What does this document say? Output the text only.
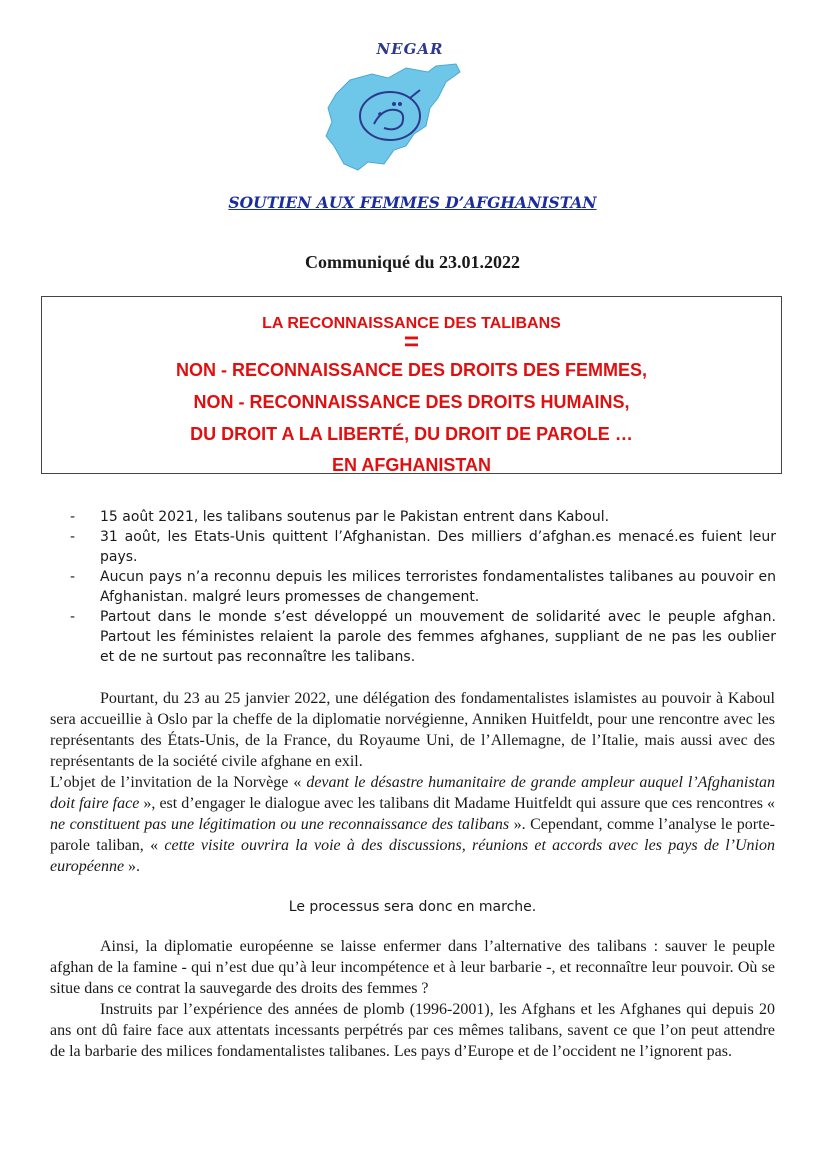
NEGAR
SOUTIEN AUX FEMMES D’AFGHANISTAN
Communiqué du 23.01.2022
LA RECONNAISSANCE DES TALIBANS
=
NON - RECONNAISSANCE DES DROITS DES FEMMES,
NON - RECONNAISSANCE DES DROITS HUMAINS,
DU DROIT A LA LIBERTÉ, DU DROIT DE PAROLE …
EN AFGHANISTAN
- 15 août 2021, les talibans soutenus par le Pakistan entrent dans Kaboul.
- 31 août, les Etats-Unis quittent l’Afghanistan. Des milliers d’afghan.es menacé.es fuient leur pays.
- Aucun pays n’a reconnu depuis les milices terroristes fondamentalistes talibanes au pouvoir en Afghanistan. malgré leurs promesses de changement.
- Partout dans le monde s’est développé un mouvement de solidarité avec le peuple afghan. Partout les féministes relaient la parole des femmes afghanes, suppliant de ne pas les oublier et de ne surtout pas reconnaître les talibans.
Pourtant, du 23 au 25 janvier 2022, une délégation des fondamentalistes islamistes au pouvoir à Kaboul sera accueillie à Oslo par la cheffe de la diplomatie norvégienne, Anniken Huitfeldt, pour une rencontre avec les représentants des États-Unis, de la France, du Royaume Uni, de l’Allemagne, de l’Italie, mais aussi avec des représentants de la société civile afghane en exil.
L’objet de l’invitation de la Norvège « devant le désastre humanitaire de grande ampleur auquel l’Afghanistan doit faire face », est d’engager le dialogue avec les talibans dit Madame Huitfeldt qui assure que ces rencontres « ne constituent pas une légitimation ou une reconnaissance des talibans ». Cependant, comme l’analyse le porte-parole taliban, « cette visite ouvrira la voie à des discussions, réunions et accords avec les pays de l’Union européenne ».
Le processus sera donc en marche.
Ainsi, la diplomatie européenne se laisse enfermer dans l’alternative des talibans : sauver le peuple afghan de la famine - qui n’est due qu’à leur incompétence et à leur barbarie -, et reconnaître leur pouvoir. Où se situe dans ce contrat la sauvegarde des droits des femmes ?
Instruits par l’expérience des années de plomb (1996-2001), les Afghans et les Afghanes qui depuis 20 ans ont dû faire face aux attentats incessants perpétrés par ces mêmes talibans, savent ce que l’on peut attendre de la barbarie des milices fondamentalistes talibanes. Les pays d’Europe et de l’occident ne l’ignorent pas.
